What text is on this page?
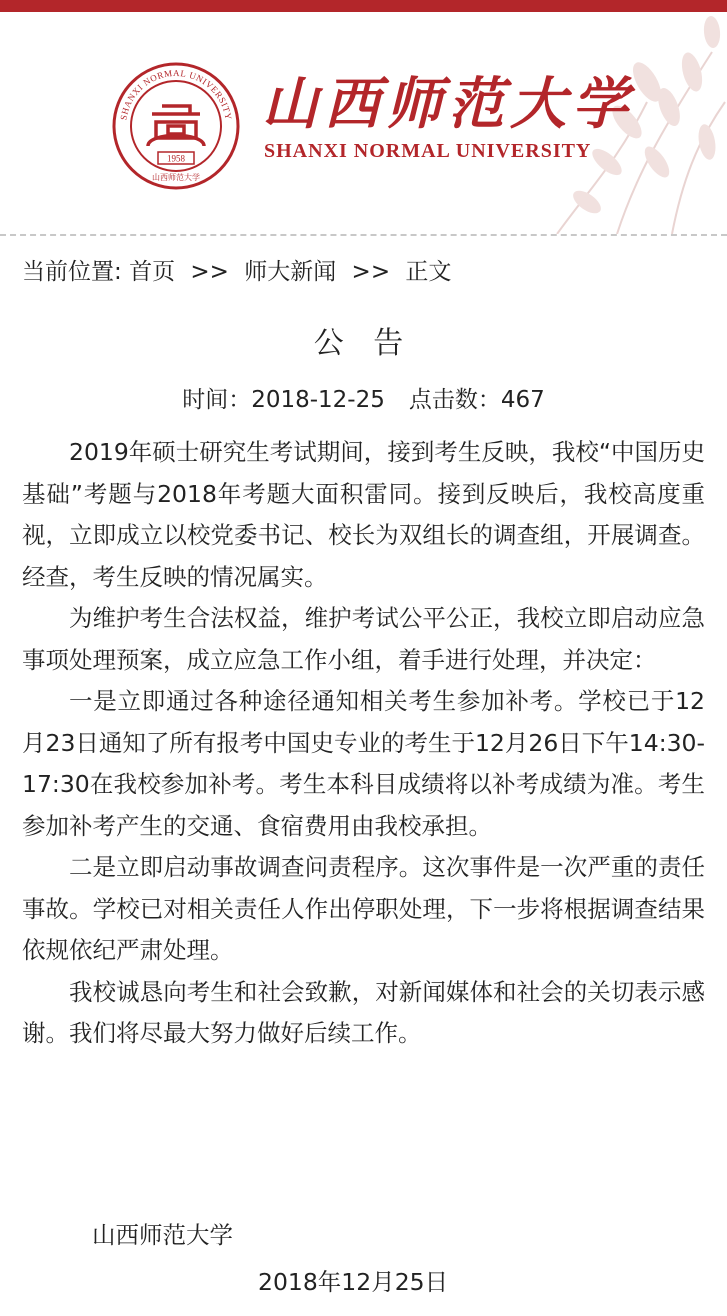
SHANXI NORMAL UNIVERSITY
1958
山西师范大学
山西师范大学
SHANXI NORMAL UNIVERSITY
当前位置: 首页 >> 师大新闻 >> 正文
公 告
时间：2018-12-25 点击数：467

2019年硕士研究生考试期间，接到考生反映，我校“中国历史基础”考题与2018年考题大面积雷同。接到反映后，我校高度重视，立即成立以校党委书记、校长为双组长的调查组，开展调查。经查，考生反映的情况属实。

为维护考生合法权益，维护考试公平公正，我校立即启动应急事项处理预案，成立应急工作小组，着手进行处理，并决定：

一是立即通过各种途径通知相关考生参加补考。学校已于12月23日通知了所有报考中国史专业的考生于12月26日下午14:30-17:30在我校参加补考。考生本科目成绩将以补考成绩为准。考生参加补考产生的交通、食宿费用由我校承担。

二是立即启动事故调查问责程序。这次事件是一次严重的责任事故。学校已对相关责任人作出停职处理，下一步将根据调查结果依规依纪严肃处理。

我校诚恳向考生和社会致歉，对新闻媒体和社会的关切表示感谢。我们将尽最大努力做好后续工作。

山西师范大学
2018年12月25日
